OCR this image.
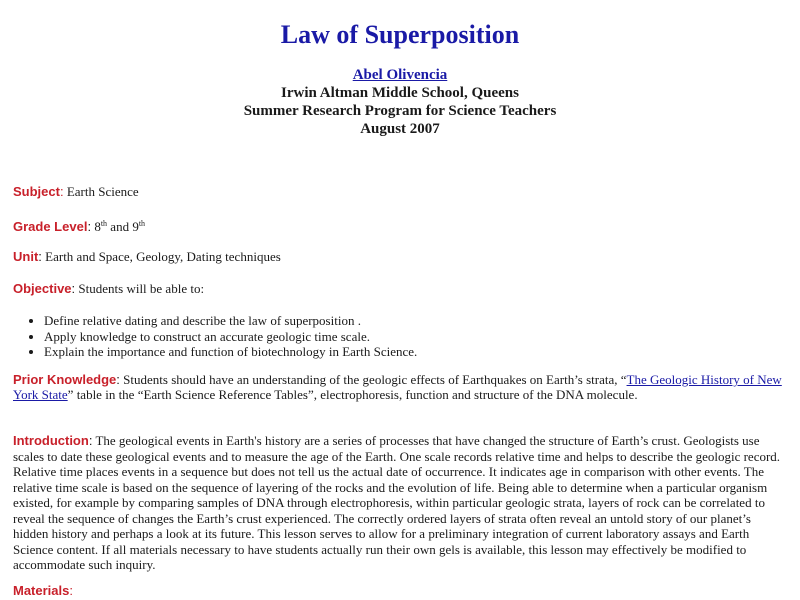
Law of Superposition
Abel Olivencia
Irwin Altman Middle School, Queens
Summer Research Program for Science Teachers
August 2007
Subject: Earth Science
Grade Level: 8th and 9th
Unit: Earth and Space, Geology, Dating techniques
Objective: Students will be able to:
• Define relative dating and describe the law of superposition .
• Apply knowledge to construct an accurate geologic time scale.
• Explain the importance and function of biotechnology in Earth Science.
Prior Knowledge: Students should have an understanding of the geologic effects of Earthquakes on Earth’s strata, “The Geologic History of New York State” table in the “Earth Science Reference Tables”, electrophoresis, function and structure of the DNA molecule.
Introduction: The geological events in Earth's history are a series of processes that have changed the structure of Earth’s crust. Geologists use scales to date these geological events and to measure the age of the Earth. One scale records relative time and helps to describe the geologic record. Relative time places events in a sequence but does not tell us the actual date of occurrence. It indicates age in comparison with other events. The relative time scale is based on the sequence of layering of the rocks and the evolution of life. Being able to determine when a particular organism existed, for example by comparing samples of DNA through electrophoresis, within particular geologic strata, layers of rock can be correlated to reveal the sequence of changes the Earth’s crust experienced. The correctly ordered layers of strata often reveal an untold story of our planet’s hidden history and perhaps a look at its future. This lesson serves to allow for a preliminary integration of current laboratory assays and Earth Science content. If all materials necessary to have students actually run their own gels is available, this lesson may effectively be modified to accommodate such inquiry.
Materials:
